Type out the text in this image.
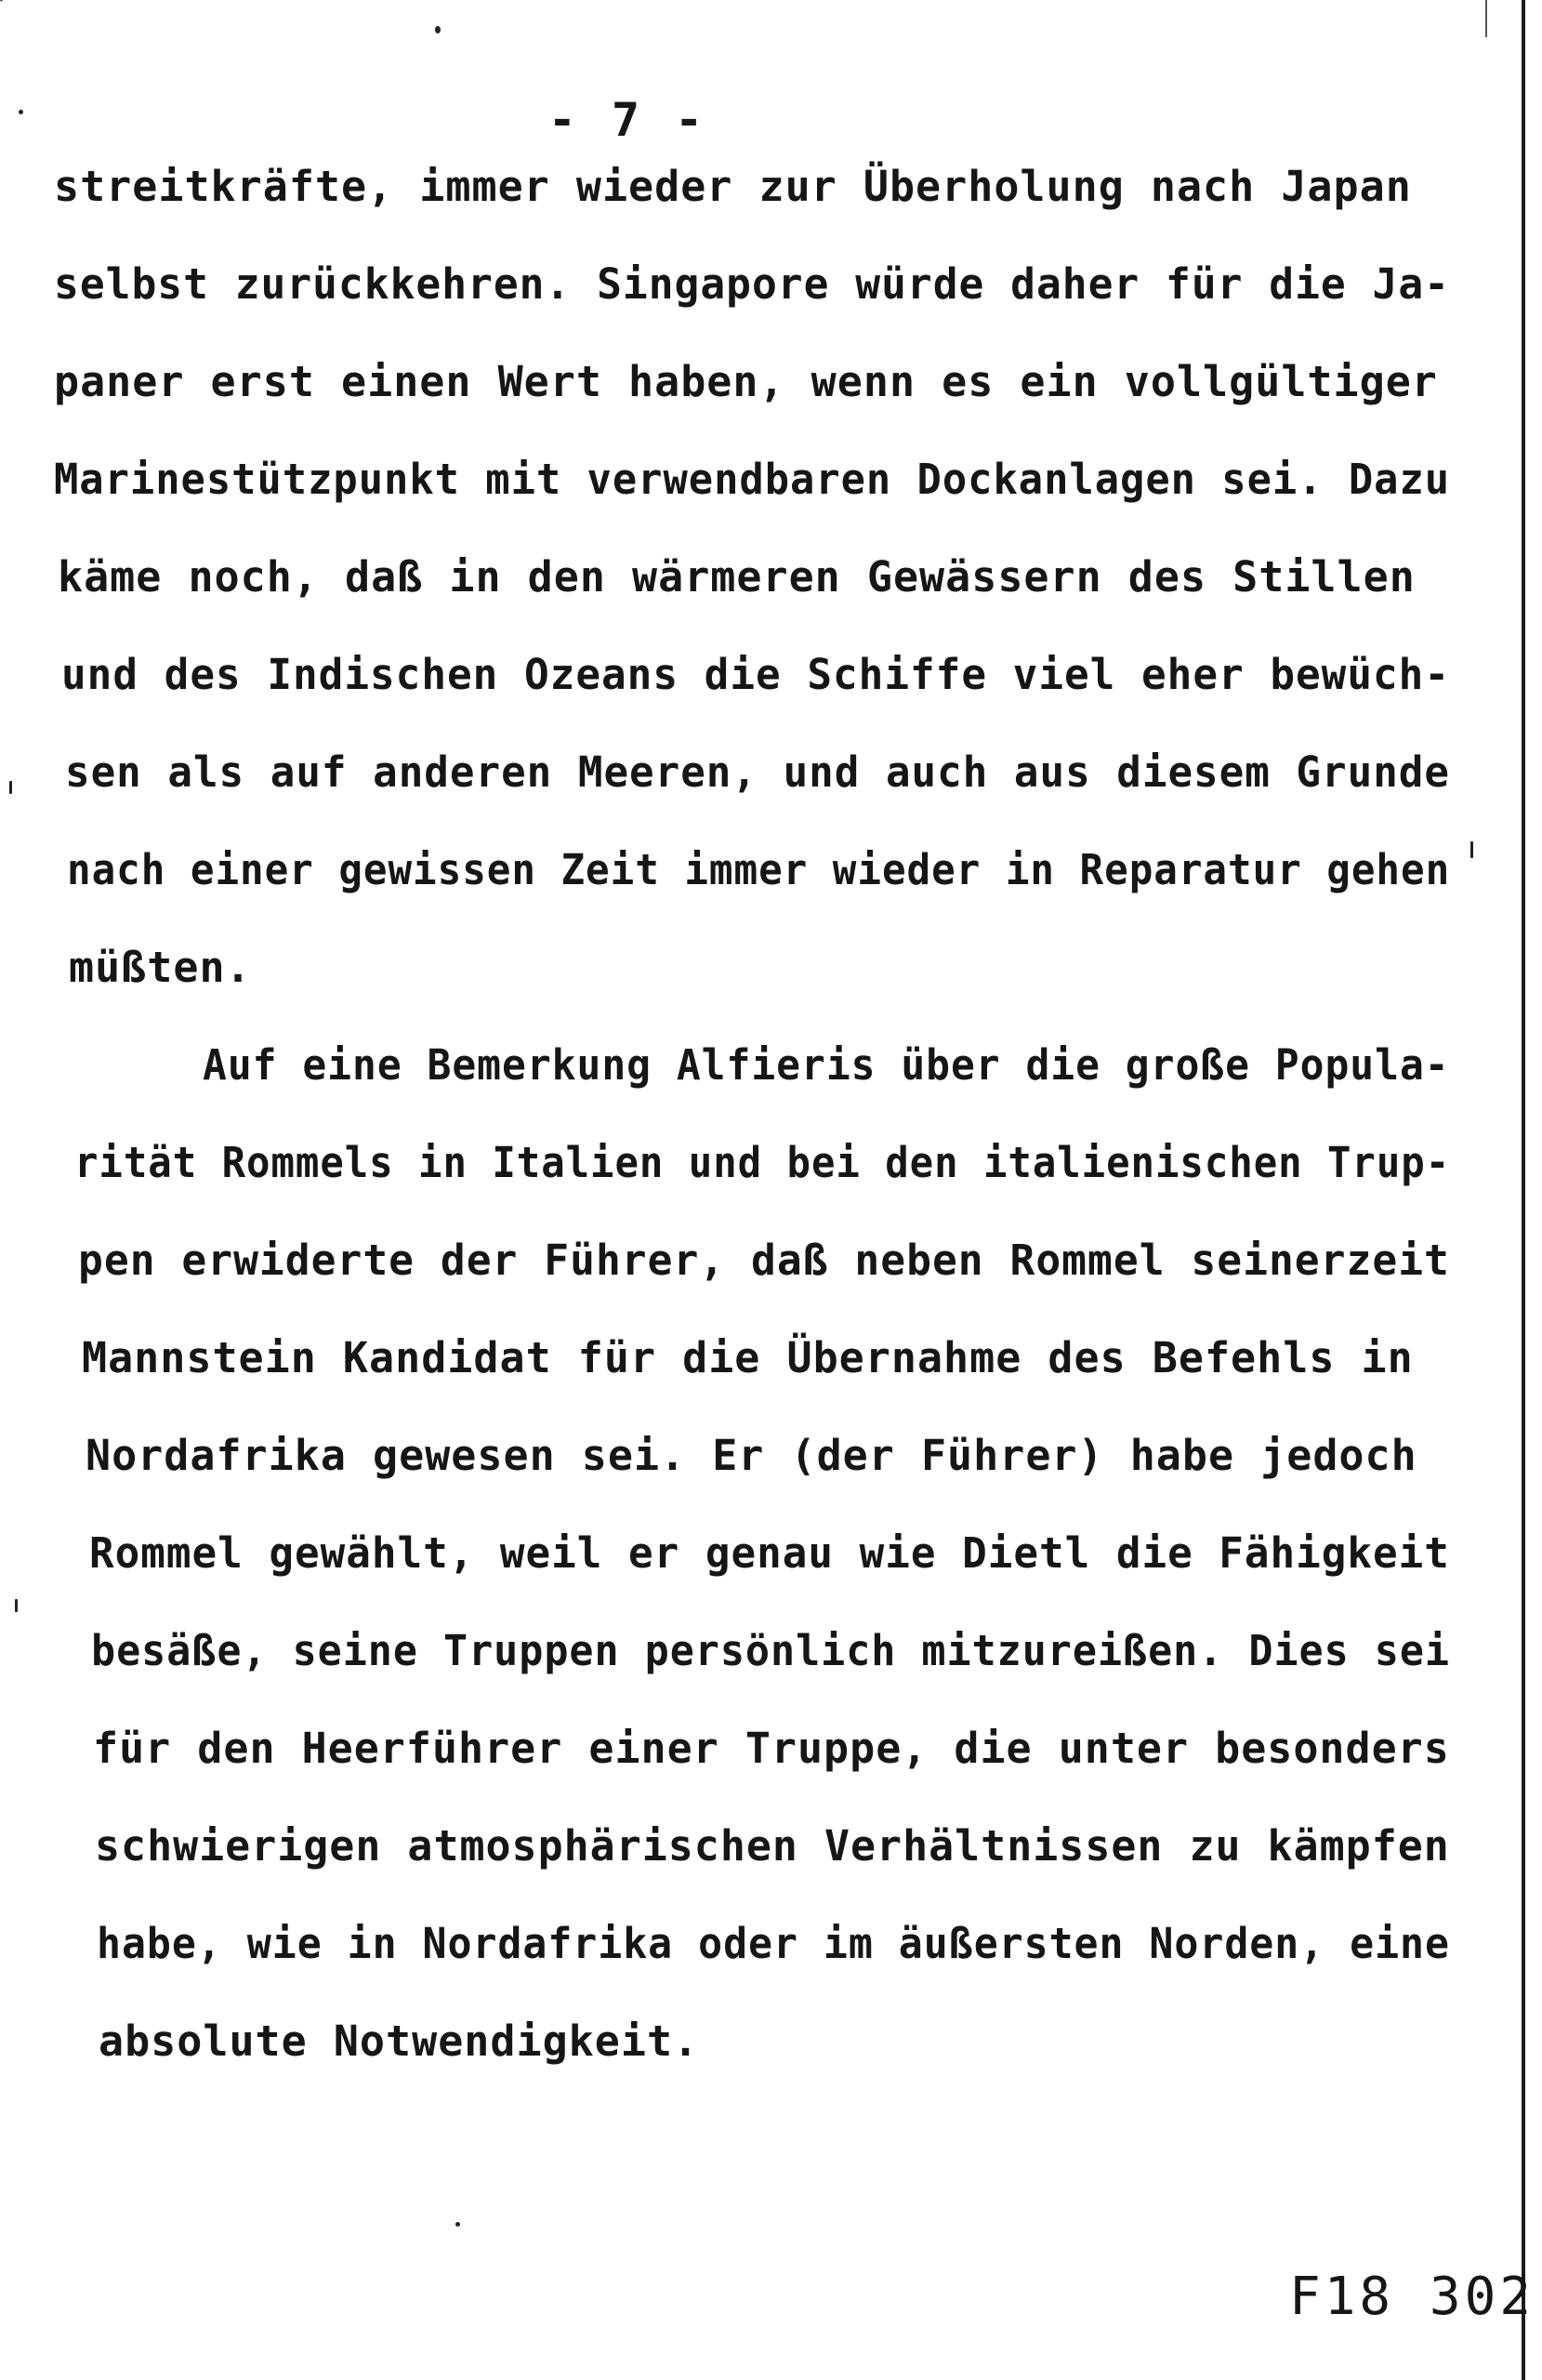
- 7 -
streitkräfte, immer wieder zur Überholung nach Japan
selbst zurückkehren. Singapore würde daher für die Ja-
paner erst einen Wert haben, wenn es ein vollgültiger
Marinestützpunkt mit verwendbaren Dockanlagen sei. Dazu
käme noch, daß in den wärmeren Gewässern des Stillen
und des Indischen Ozeans die Schiffe viel eher bewüch-
sen als auf anderen Meeren, und auch aus diesem Grunde
nach einer gewissen Zeit immer wieder in Reparatur gehen
müßten.
Auf eine Bemerkung Alfieris über die große Popula-
rität Rommels in Italien und bei den italienischen Trup-
pen erwiderte der Führer, daß neben Rommel seinerzeit
Mannstein Kandidat für die Übernahme des Befehls in
Nordafrika gewesen sei. Er (der Führer) habe jedoch
Rommel gewählt, weil er genau wie Dietl die Fähigkeit
besäße, seine Truppen persönlich mitzureißen. Dies sei
für den Heerführer einer Truppe, die unter besonders
schwierigen atmosphärischen Verhältnissen zu kämpfen
habe, wie in Nordafrika oder im äußersten Norden, eine
absolute Notwendigkeit.
F18 302
